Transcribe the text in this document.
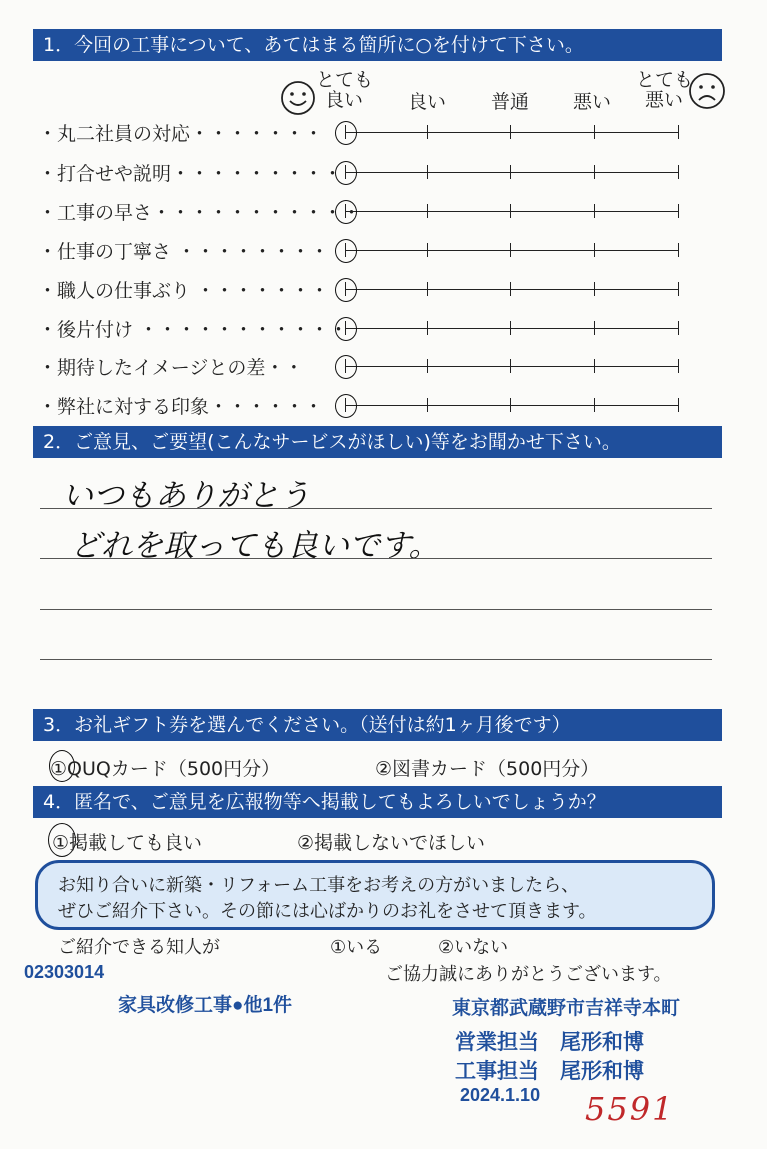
1．今回の工事について、あてはまる箇所に○を付けて下さい。
とても
良い	良い	普通	悪い
とても
悪い
・丸二社員の対応・・・・・・・
・打合せや説明・・・・・・・・・
・工事の早さ・・・・・・・・・・・
・仕事の丁寧さ ・・・・・・・・
・職人の仕事ぶり ・・・・・・・
・後片付け ・・・・・・・・・・・
・期待したイメージとの差・・
・弊社に対する印象・・・・・・
2．ご意見、ご要望(こんなサービスがほしい)等をお聞かせ下さい。
いつもありがとう
どれを取っても良いです。
3．お礼ギフト券を選んでください。（送付は約1ヶ月後です）
①QUQカード（500円分）	②図書カード（500円分）
4．匿名で、ご意見を広報物等へ掲載してもよろしいでしょうか？
①掲載しても良い	②掲載しないでほしい
お知り合いに新築・リフォーム工事をお考えの方がいましたら、
ぜひご紹介下さい。その節には心ばかりのお礼をさせて頂きます。
ご紹介できる知人が	①いる	②いない
02303014	ご協力誠にありがとうございます。
家具改修工事●他1件	東京都武蔵野市吉祥寺本町
営業担当　尾形和博
工事担当　尾形和博
2024.1.10 5591
